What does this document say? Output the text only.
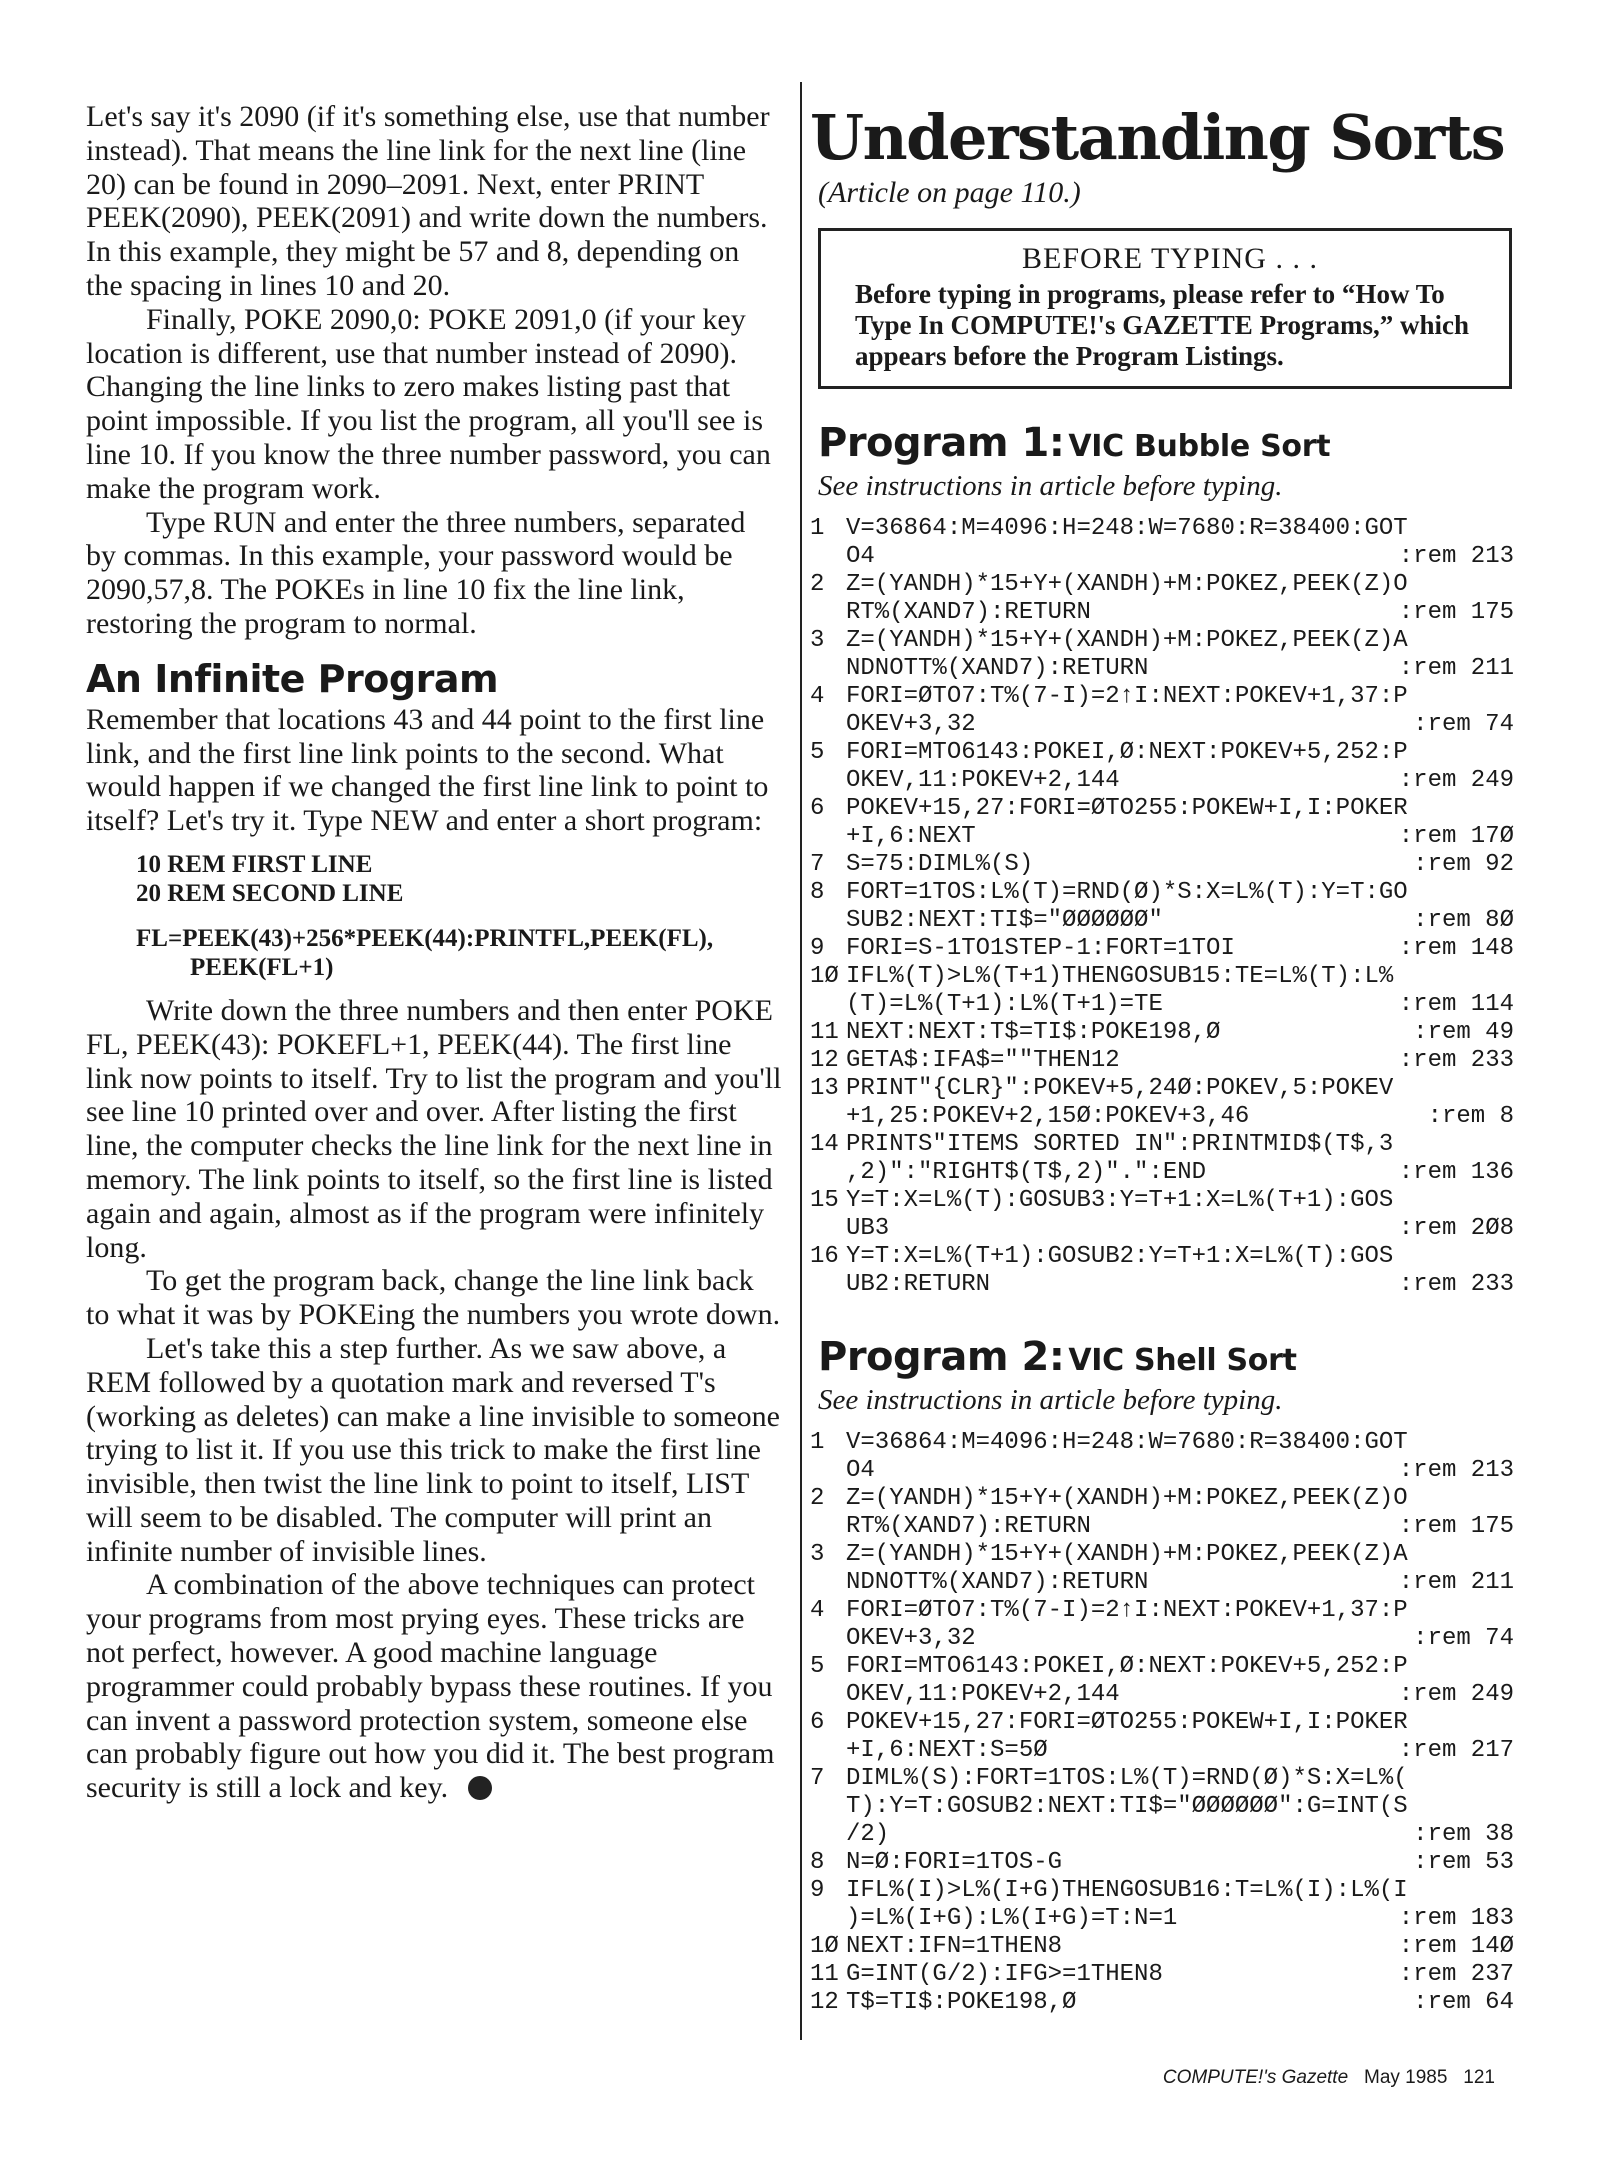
Let's say it's 2090 (if it's something else, use that number instead). That means the line link for the next line (line 20) can be found in 2090–2091. Next, enter PRINT PEEK(2090), PEEK(2091) and write down the numbers. In this example, they might be 57 and 8, depending on the spacing in lines 10 and 20.

Finally, POKE 2090,0: POKE 2091,0 (if your key location is different, use that number instead of 2090). Changing the line links to zero makes listing past that point impossible. If you list the program, all you'll see is line 10. If you know the three number password, you can make the program work.

Type RUN and enter the three numbers, separated by commas. In this example, your password would be 2090,57,8. The POKEs in line 10 fix the line link, restoring the program to normal.

An Infinite Program

Remember that locations 43 and 44 point to the first line link, and the first line link points to the second. What would happen if we changed the first line link to point to itself? Let's try it. Type NEW and enter a short program:

10 REM FIRST LINE
20 REM SECOND LINE
FL=PEEK(43)+256*PEEK(44):PRINTFL,PEEK(FL),
PEEK(FL+1)

Write down the three numbers and then enter POKE FL, PEEK(43): POKEFL+1, PEEK(44). The first line link now points to itself. Try to list the program and you'll see line 10 printed over and over. After listing the first line, the computer checks the line link for the next line in memory. The link points to itself, so the first line is listed again and again, almost as if the program were infinitely long.

To get the program back, change the line link back to what it was by POKEing the numbers you wrote down.

Let's take this a step further. As we saw above, a REM followed by a quotation mark and reversed T's (working as deletes) can make a line invisible to someone trying to list it. If you use this trick to make the first line invisible, then twist the line link to point to itself, LIST will seem to be disabled. The computer will print an infinite number of invisible lines.

A combination of the above techniques can protect your programs from most prying eyes. These tricks are not perfect, however. A good machine language programmer could probably bypass these routines. If you can invent a password protection system, someone else can probably figure out how you did it. The best program security is still a lock and key.

Understanding Sorts

(Article on page 110.)

BEFORE TYPING . . .
Before typing in programs, please refer to “How To Type In COMPUTE!'s GAZETTE Programs,” which appears before the Program Listings.
Program 1: VIC Bubble Sort
See instructions in article before typing.
1 V=36864:M=4096:H=248:W=7680:R=38400:GOT
O4	:rem 213
2 Z=(YANDH)*15+Y+(XANDH)+M:POKEZ,PEEK(Z)O
RT%(XAND7):RETURN	:rem 175
3 Z=(YANDH)*15+Y+(XANDH)+M:POKEZ,PEEK(Z)A
NDNOTT%(XAND7):RETURN	:rem 211
4 FORI=ØTO7:T%(7-I)=2↑I:NEXT:POKEV+1,37:P
OKEV+3,32	:rem 74
5 FORI=MTO6143:POKEI,Ø:NEXT:POKEV+5,252:P
OKEV,11:POKEV+2,144	:rem 249
6 POKEV+15,27:FORI=ØTO255:POKEW+I,I:POKER
+I,6:NEXT	:rem 17Ø
7 S=75:DIML%(S)	:rem 92
8 FORT=1TOS:L%(T)=RND(Ø)*S:X=L%(T):Y=T:GO
SUB2:NEXT:TI$="ØØØØØØ"	:rem 8Ø
9 FORI=S-1TO1STEP-1:FORT=1TOI	:rem 148
1Ø IFL%(T)>L%(T+1)THENGOSUB15:TE=L%(T):L%
(T)=L%(T+1):L%(T+1)=TE	:rem 114
11 NEXT:NEXT:T$=TI$:POKE198,Ø	:rem 49
12 GETA$:IFA$=""THEN12	:rem 233
13 PRINT"{CLR}":POKEV+5,24Ø:POKEV,5:POKEV
+1,25:POKEV+2,15Ø:POKEV+3,46	:rem 8
14 PRINTS"ITEMS SORTED IN":PRINTMID$(T$,3
,2)":"RIGHT$(T$,2)".":END	:rem 136
15 Y=T:X=L%(T):GOSUB3:Y=T+1:X=L%(T+1):GOS
UB3	:rem 2Ø8
16 Y=T:X=L%(T+1):GOSUB2:Y=T+1:X=L%(T):GOS
UB2:RETURN	:rem 233
Program 2: VIC Shell Sort
See instructions in article before typing.
1 V=36864:M=4096:H=248:W=7680:R=38400:GOT
O4	:rem 213
2 Z=(YANDH)*15+Y+(XANDH)+M:POKEZ,PEEK(Z)O
RT%(XAND7):RETURN	:rem 175
3 Z=(YANDH)*15+Y+(XANDH)+M:POKEZ,PEEK(Z)A
NDNOTT%(XAND7):RETURN	:rem 211
4 FORI=ØTO7:T%(7-I)=2↑I:NEXT:POKEV+1,37:P
OKEV+3,32	:rem 74
5 FORI=MTO6143:POKEI,Ø:NEXT:POKEV+5,252:P
OKEV,11:POKEV+2,144	:rem 249
6 POKEV+15,27:FORI=ØTO255:POKEW+I,I:POKER
+I,6:NEXT:S=5Ø	:rem 217
7 DIML%(S):FORT=1TOS:L%(T)=RND(Ø)*S:X=L%(
T):Y=T:GOSUB2:NEXT:TI$="ØØØØØØ":G=INT(S
/2)	:rem 38
8 N=Ø:FORI=1TOS-G	:rem 53
9 IFL%(I)>L%(I+G)THENGOSUB16:T=L%(I):L%(I
)=L%(I+G):L%(I+G)=T:N=1	:rem 183
1Ø NEXT:IFN=1THEN8	:rem 14Ø
11 G=INT(G/2):IFG>=1THEN8	:rem 237
12 T$=TI$:POKE198,Ø	:rem 64
COMPUTE!'s Gazette May 1985 121
